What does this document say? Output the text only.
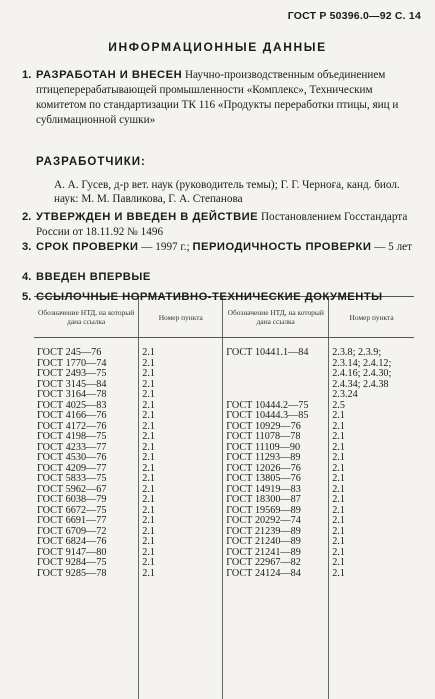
ГОСТ Р 50396.0—92 С. 14
ИНФОРМАЦИОННЫЕ ДАННЫЕ
1. РАЗРАБОТАН И ВНЕСЕН Научно-производственным объединением птицеперерабатывающей промышленности «Комплекс», Техническим комитетом по стандартизации ТК 116 «Продукты переработки птицы, яиц и сублимационной сушки»
РАЗРАБОТЧИКИ:
А. А. Гусев, д-р вет. наук (руководитель темы); Г. Г. Черноға, канд. биол. наук: М. М. Павликова, Г. А. Степанова
2. УТВЕРЖДЕН И ВВЕДЕН В ДЕЙСТВИЕ Постановлением Госстандарта России от 18.11.92 № 1496
3. СРОК ПРОВЕРКИ — 1997 г.; ПЕРИОДИЧНОСТЬ ПРОВЕРКИ — 5 лет
4. ВВЕДЕН ВПЕРВЫЕ
Обозначение НТД, на который дана ссылка	Номер пункта	Обозначение НТД, на который дана ссылка	Номер пункта
ГОСТ 245—76	2.1	ГОСТ 10441.1—84	2.3.8; 2.3.9;
ГОСТ 1770—74	2.1		2.3.14; 2.4.12;
ГОСТ 2493—75	2.1		2.4.16; 2.4.30;
ГОСТ 3145—84	2.1		2.4.34; 2.4.38
ГОСТ 3164—78	2.1		2.3.24
ГОСТ 4025—83	2.1	ГОСТ 10444.2—75	2.5
ГОСТ 4166—76	2.1	ГОСТ 10444.3—85	2.1
ГОСТ 4172—76	2.1	ГОСТ 10929—76	2.1
ГОСТ 4198—75	2.1	ГОСТ 11078—78	2.1
ГОСТ 4233—77	2.1	ГОСТ 11109—90	2.1
ГОСТ 4530—76	2.1	ГОСТ 11293—89	2.1
ГОСТ 4209—77	2.1	ГОСТ 12026—76	2.1
ГОСТ 5833—75	2.1	ГОСТ 13805—76	2.1
ГОСТ 5962—67	2.1	ГОСТ 14919—83	2.1
ГОСТ 6038—79	2.1	ГОСТ 18300—87	2.1
ГОСТ 6672—75	2.1	ГОСТ 19569—89	2.1
ГОСТ 6691—77	2.1	ГОСТ 20292—74	2.1
ГОСТ 6709—72	2.1	ГОСТ 21239—89	2.1
ГОСТ 6824—76	2.1	ГОСТ 21240—89	2.1
ГОСТ 9147—80	2.1	ГОСТ 21241—89	2.1
ГОСТ 9284—75	2.1	ГОСТ 22967—82	2.1
ГОСТ 9285—78	2.1	ГОСТ 24124—84	2.1
5. ССЫЛОЧНЫЕ НОРМАТИВНО-ТЕХНИЧЕСКИЕ ДОКУМЕНТЫ
